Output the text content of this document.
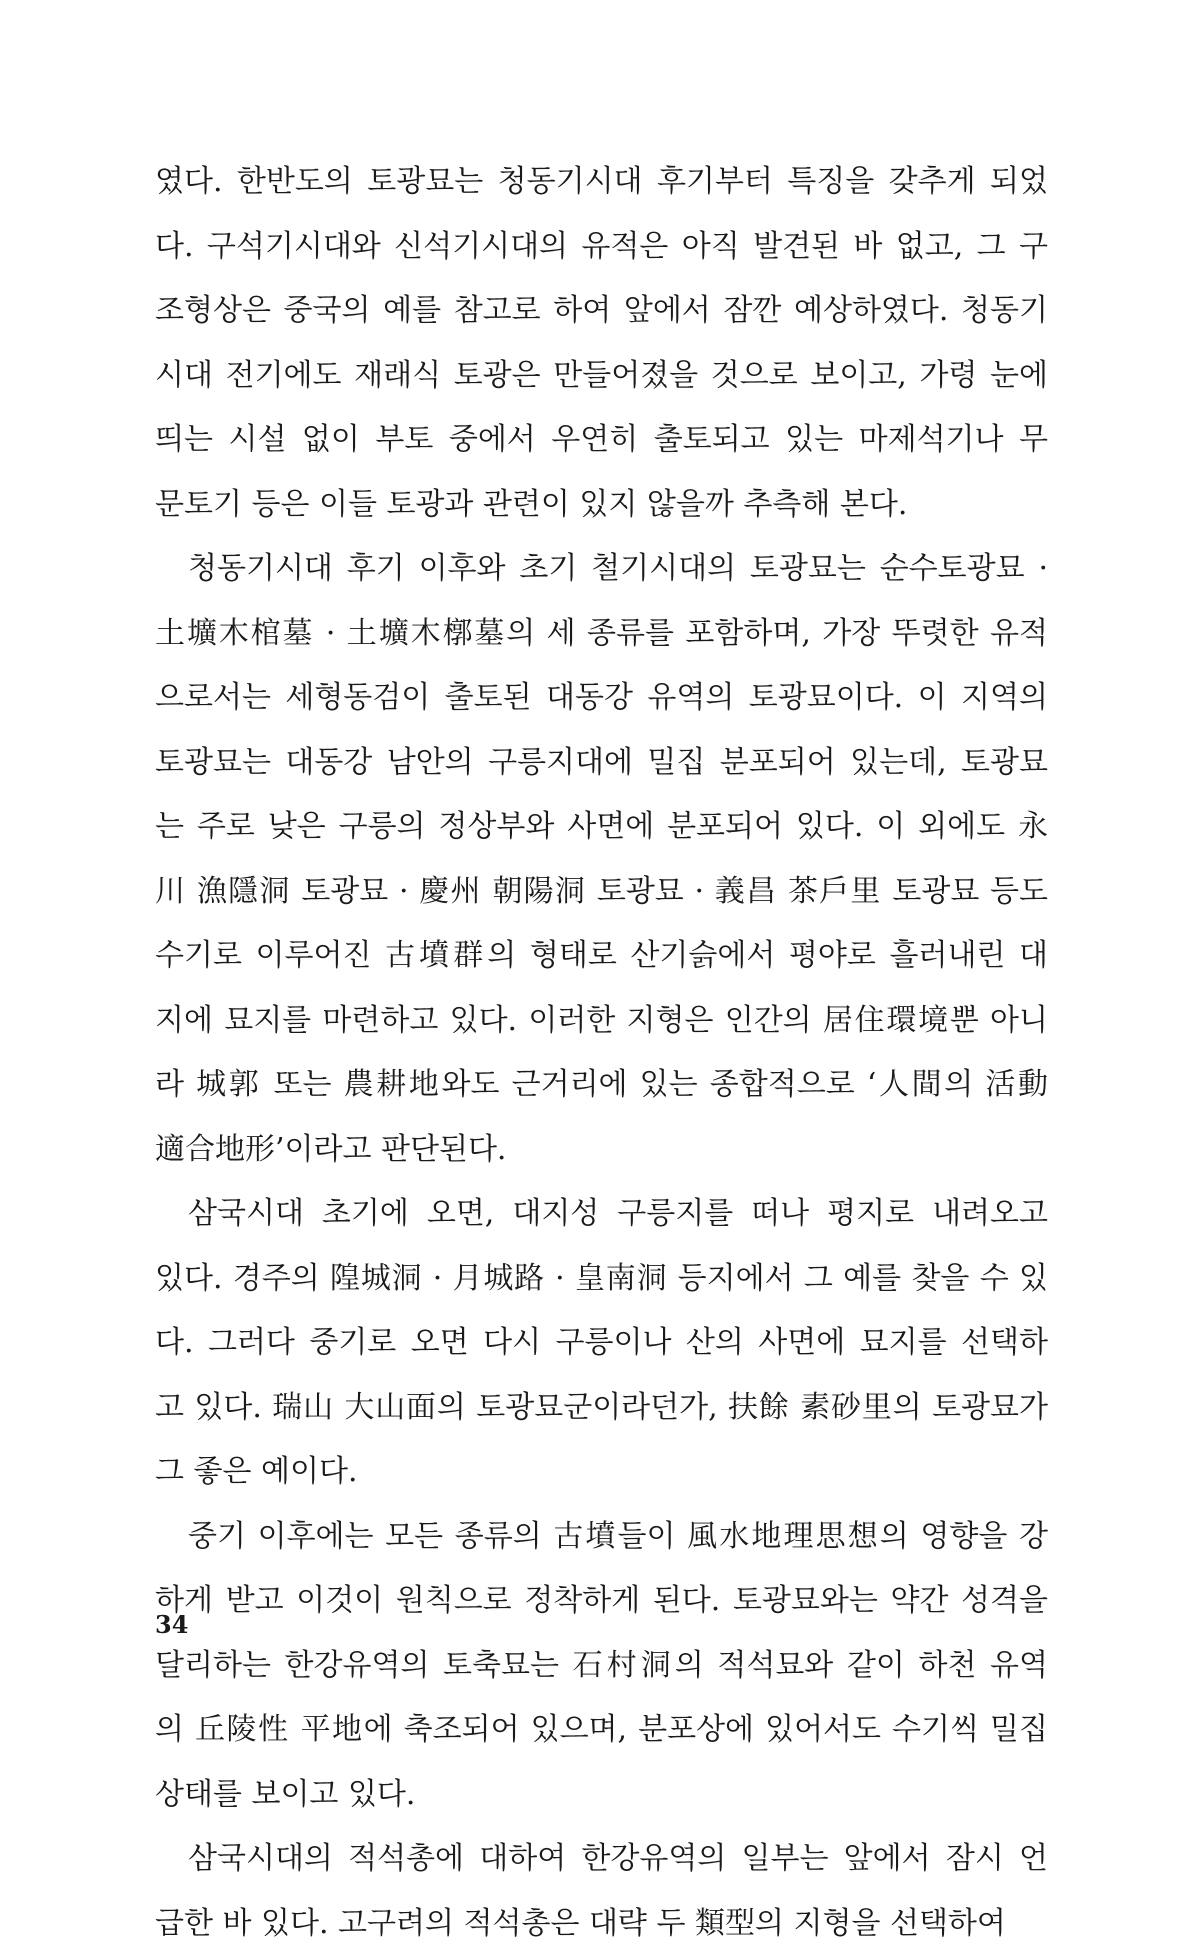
였다. 한반도의 토광묘는 청동기시대 후기부터 특징을 갖추게 되었
다. 구석기시대와 신석기시대의 유적은 아직 발견된 바 없고, 그 구
조형상은 중국의 예를 참고로 하여 앞에서 잠깐 예상하였다. 청동기
시대 전기에도 재래식 토광은 만들어졌을 것으로 보이고, 가령 눈에
띄는 시설 없이 부토 중에서 우연히 출토되고 있는 마제석기나 무
문토기 등은 이들 토광과 관련이 있지 않을까 추측해 본다.
청동기시대 후기 이후와 초기 철기시대의 토광묘는 순수토광묘 ·
土壙木棺墓 · 土壙木槨墓의 세 종류를 포함하며, 가장 뚜렷한 유적
으로서는 세형동검이 출토된 대동강 유역의 토광묘이다. 이 지역의
토광묘는 대동강 남안의 구릉지대에 밀집 분포되어 있는데, 토광묘
는 주로 낮은 구릉의 정상부와 사면에 분포되어 있다. 이 외에도 永
川 漁隱洞 토광묘 · 慶州 朝陽洞 토광묘 · 義昌 茶戶里 토광묘 등도
수기로 이루어진 古墳群의 형태로 산기슭에서 평야로 흘러내린 대
지에 묘지를 마련하고 있다. 이러한 지형은 인간의 居住環境뿐 아니
라 城郭 또는 農耕地와도 근거리에 있는 종합적으로 ‘人間의 活動
適合地形’이라고 판단된다.
삼국시대 초기에 오면, 대지성 구릉지를 떠나 평지로 내려오고
있다. 경주의 隍城洞 · 月城路 · 皇南洞 등지에서 그 예를 찾을 수 있
다. 그러다 중기로 오면 다시 구릉이나 산의 사면에 묘지를 선택하
고 있다. 瑞山 大山面의 토광묘군이라던가, 扶餘 素砂里의 토광묘가
그 좋은 예이다.
중기 이후에는 모든 종류의 古墳들이 風水地理思想의 영향을 강
하게 받고 이것이 원칙으로 정착하게 된다. 토광묘와는 약간 성격을
달리하는 한강유역의 토축묘는 石村洞의 적석묘와 같이 하천 유역
의 丘陵性 平地에 축조되어 있으며, 분포상에 있어서도 수기씩 밀집
상태를 보이고 있다.
삼국시대의 적석총에 대하여 한강유역의 일부는 앞에서 잠시 언
급한 바 있다. 고구려의 적석총은 대략 두 類型의 지형을 선택하여
34
